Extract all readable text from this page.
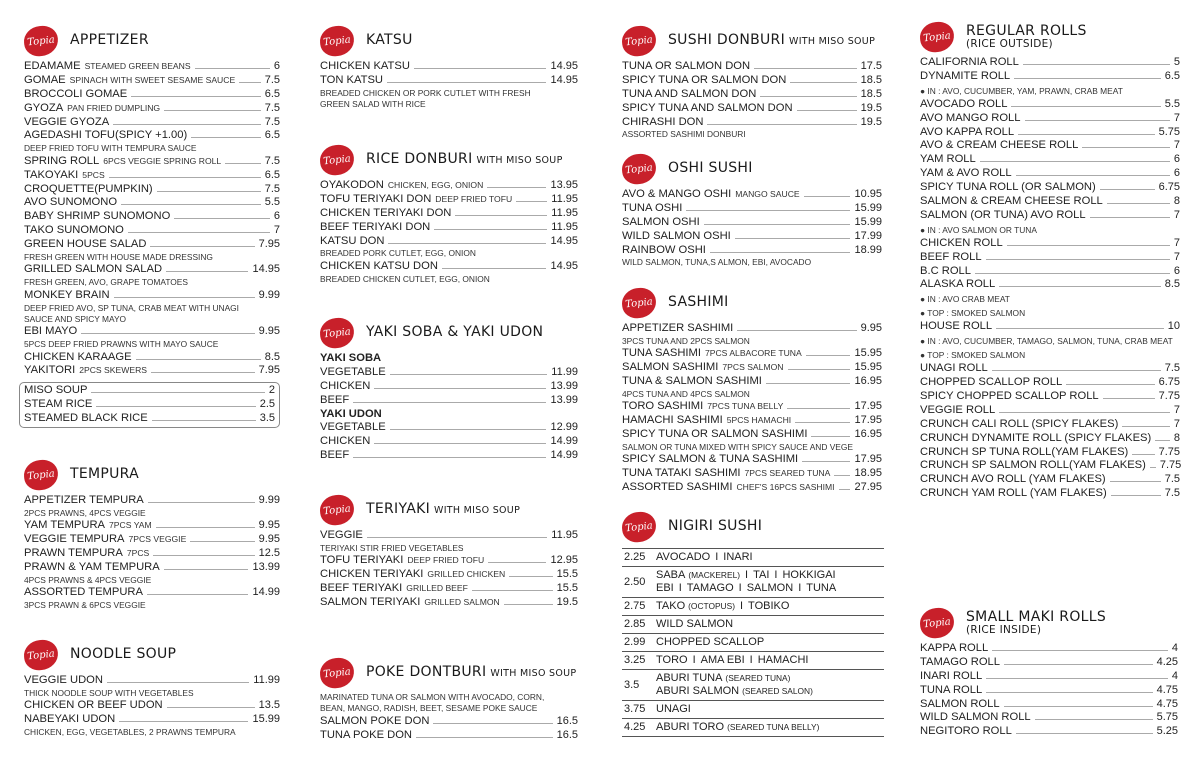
Topia	APPETIZER
EDAMAME STEAMED GREEN BEANS	6
GOMAE SPINACH WITH SWEET SESAME SAUCE	7.5
BROCCOLI GOMAE	6.5
GYOZA PAN FRIED DUMPLING	7.5
VEGGIE GYOZA	7.5
AGEDASHI TOFU(SPICY +1.00)	6.5
DEEP FRIED TOFU WITH TEMPURA SAUCE
SPRING ROLL 6PCS VEGGIE SPRING ROLL	7.5
TAKOYAKI 5PCS	6.5
CROQUETTE(PUMPKIN)	7.5
AVO SUNOMONO	5.5
BABY SHRIMP SUNOMONO	6
TAKO SUNOMONO	7
GREEN HOUSE SALAD	7.95
FRESH GREEN WITH HOUSE MADE DRESSING
GRILLED SALMON SALAD	14.95
FRESH GREEN, AVO, GRAPE TOMATOES
MONKEY BRAIN	9.99
DEEP FRIED AVO, SP TUNA, CRAB MEAT WITH UNAGI
SAUCE AND SPICY MAYO
EBI MAYO	9.95
5PCS DEEP FRIED PRAWNS WITH MAYO SAUCE
CHICKEN KARAAGE	8.5
YAKITORI 2PCS SKEWERS	7.95
MISO SOUP	2
STEAM RICE	2.5
STEAMED BLACK RICE	3.5
Topia	TEMPURA
APPETIZER TEMPURA	9.99
2PCS PRAWNS, 4PCS VEGGIE
YAM TEMPURA 7PCS YAM	9.95
VEGGIE TEMPURA 7PCS VEGGIE	9.95
PRAWN TEMPURA 7PCS	12.5
PRAWN & YAM TEMPURA	13.99
4PCS PRAWNS & 4PCS VEGGIE
ASSORTED TEMPURA	14.99
3PCS PRAWN & 6PCS VEGGIE
Topia	NOODLE SOUP
VEGGIE UDON	11.99
THICK NOODLE SOUP WITH VEGETABLES
CHICKEN OR BEEF UDON	13.5
NABEYAKI UDON	15.99
CHICKEN, EGG, VEGETABLES, 2 PRAWNS TEMPURA
Topia	KATSU
CHICKEN KATSU	14.95
TON KATSU	14.95
BREADED CHICKEN OR PORK CUTLET WITH FRESH
GREEN SALAD WITH RICE
Topia	RICE DONBURI WITH MISO SOUP
OYAKODON CHICKEN, EGG, ONION	13.95
TOFU TERIYAKI DON DEEP FRIED TOFU	11.95
CHICKEN TERIYAKI DON	11.95
BEEF TERIYAKI DON	11.95
KATSU DON	14.95
BREADED PORK CUTLET, EGG, ONION
CHICKEN KATSU DON	14.95
BREADED CHICKEN CUTLET, EGG, ONION
Topia	YAKI SOBA & YAKI UDON
YAKI SOBA
VEGETABLE	11.99
CHICKEN	13.99
BEEF	13.99
YAKI UDON
VEGETABLE	12.99
CHICKEN	14.99
BEEF	14.99
Topia	TERIYAKI WITH MISO SOUP
VEGGIE	11.95
TERIYAKI STIR FRIED VEGETABLES
TOFU TERIYAKI DEEP FRIED TOFU	12.95
CHICKEN TERIYAKI GRILLED CHICKEN	15.5
BEEF TERIYAKI GRILLED BEEF	15.5
SALMON TERIYAKI GRILLED SALMON	19.5
Topia	POKE DONTBURI WITH MISO SOUP
MARINATED TUNA OR SALMON WITH AVOCADO, CORN,
BEAN, MANGO, RADISH, BEET, SESAME POKE SAUCE
SALMON POKE DON	16.5
TUNA POKE DON	16.5
Topia	SUSHI DONBURI WITH MISO SOUP
TUNA OR SALMON DON	17.5
SPICY TUNA OR SALMON DON	18.5
TUNA AND SALMON DON	18.5
SPICY TUNA AND SALMON DON	19.5
CHIRASHI DON	19.5
ASSORTED SASHIMI DONBURI
Topia	OSHI SUSHI
AVO & MANGO OSHI MANGO SAUCE	10.95
TUNA OSHI	15.99
SALMON OSHI	15.99
WILD SALMON OSHI	17.99
RAINBOW OSHI	18.99
WILD SALMON, TUNA,S ALMON, EBI, AVOCADO
Topia	SASHIMI
APPETIZER SASHIMI	9.95
3PCS TUNA AND 2PCS SALMON
TUNA SASHIMI 7PCS ALBACORE TUNA	15.95
SALMON SASHIMI 7PCS SALMON	15.95
TUNA & SALMON SASHIMI	16.95
4PCS TUNA AND 4PCS SALMON
TORO SASHIMI 7PCS TUNA BELLY	17.95
HAMACHI SASHIMI 5PCS HAMACHI	17.95
SPICY TUNA OR SALMON SASHIMI	16.95
SALMON OR TUNA MIXED WITH SPICY SAUCE AND VEGE
SPICY SALMON & TUNA SASHIMI	17.95
TUNA TATAKI SASHIMI 7PCS SEARED TUNA 18.95
ASSORTED SASHIMI CHEF'S 16PCS SASHIMI 27.95
Topia	NIGIRI SUSHI
2.25	AVOCADO I INARI

2.50	SABA (MACKEREL) I TAI I HOKKIGAI
EBI I TAMAGO I SALMON I TUNA

2.75	TAKO (OCTOPUS) I TOBIKO

2.85	WILD SALMON

2.99	CHOPPED SCALLOP

3.25	TORO I AMA EBI I HAMACHI

3.5	ABURI TUNA (SEARED TUNA)
ABURI SALMON (SEARED SALON)

3.75	UNAGI

4.25	ABURI TORO (SEARED TUNA BELLY)
Topia	REGULAR ROLLS
(RICE OUTSIDE)
CALIFORNIA ROLL	5
DYNAMITE ROLL	6.5
● IN : AVO, CUCUMBER, YAM, PRAWN, CRAB MEAT
AVOCADO ROLL	5.5
AVO MANGO ROLL	7
AVO KAPPA ROLL	5.75
AVO & CREAM CHEESE ROLL	7
YAM ROLL	6
YAM & AVO ROLL	6
SPICY TUNA ROLL (OR SALMON)	6.75
SALMON & CREAM CHEESE ROLL	8
SALMON (OR TUNA) AVO ROLL	7
● IN : AVO SALMON OR TUNA
CHICKEN ROLL	7
BEEF ROLL	7
B.C ROLL	6
ALASKA ROLL	8.5
● IN : AVO CRAB MEAT
● TOP : SMOKED SALMON
HOUSE ROLL	10
● IN : AVO, CUCUMBER, TAMAGO, SALMON, TUNA, CRAB MEAT
● TOP : SMOKED SALMON
UNAGI ROLL	7.5
CHOPPED SCALLOP ROLL	6.75
SPICY CHOPPED SCALLOP ROLL	7.75
VEGGIE ROLL	7
CRUNCH CALI ROLL (SPICY FLAKES)	7
CRUNCH DYNAMITE ROLL (SPICY FLAKES) 8
CRUNCH SP TUNA ROLL(YAM FLAKES)	7.75
CRUNCH SP SALMON ROLL(YAM FLAKES) 7.75
CRUNCH AVO ROLL (YAM FLAKES)	7.5
CRUNCH YAM ROLL (YAM FLAKES)	7.5
Topia	SMALL MAKI ROLLS
(RICE INSIDE)
KAPPA ROLL	4
TAMAGO ROLL	4.25
INARI ROLL	4
TUNA ROLL	4.75
SALMON ROLL	4.75
WILD SALMON ROLL	5.75
NEGITORO ROLL	5.25
